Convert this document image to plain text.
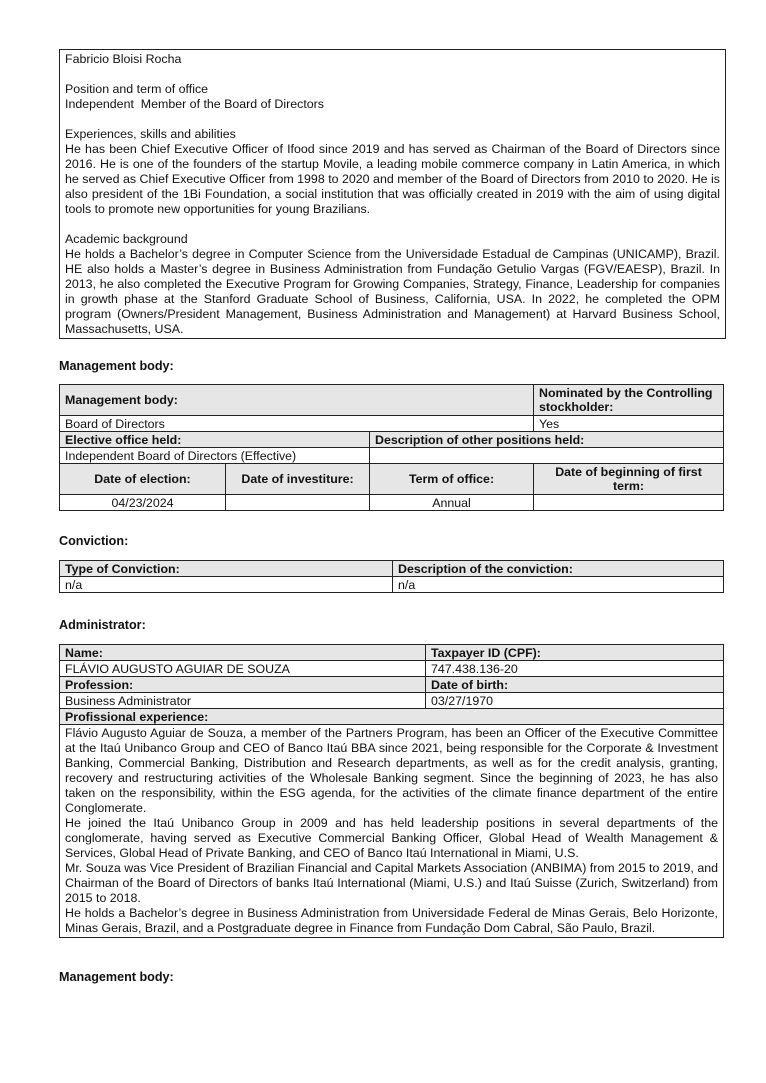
Fabricio Bloisi Rocha

Position and term of office

Independent  Member of the Board of Directors

Experiences, skills and abilities

He has been Chief Executive Officer of Ifood since 2019 and has served as Chairman of the Board of Directors since 2016. He is one of the founders of the startup Movile, a leading mobile commerce company in Latin America, in which he served as Chief Executive Officer from 1998 to 2020 and member of the Board of Directors from 2010 to 2020. He is also president of the 1Bi Foundation, a social institution that was officially created in 2019 with the aim of using digital tools to promote new opportunities for young Brazilians.

Academic background

He holds a Bachelor’s degree in Computer Science from the Universidade Estadual de Campinas (UNICAMP), Brazil. HE also holds a Master’s degree in Business Administration from Fundação Getulio Vargas (FGV/EAESP), Brazil. In 2013, he also completed the Executive Program for Growing Companies, Strategy, Finance, Leadership for companies in growth phase at the Stanford Graduate School of Business, California, USA. In 2022, he completed the OPM program (Owners/President Management, Business Administration and Management) at Harvard Business School, Massachusetts, USA.

Management body:
Management body:			Nominated by the Controlling stockholder:
Board of Directors			Yes
Elective office held:		Description of other positions held:	
Independent Board of Directors (Effective)			
Date of election:	Date of investiture:	Term of office:	Date of beginning of first term:
04/23/2024		Annual	
Conviction:
Type of Conviction:	Description of the conviction:
n/a	n/a
Administrator:
Name:	Taxpayer ID (CPF):
FLÁVIO AUGUSTO AGUIAR DE SOUZA	747.438.136-20
Profession:	Date of birth:
Business Administrator	03/27/1970
Profissional experience:	

Flávio Augusto Aguiar de Souza, a member of the Partners Program, has been an Officer of the Executive Committee at the Itaú Unibanco Group and CEO of Banco Itaú BBA since 2021, being responsible for the Corporate & Investment Banking, Commercial Banking, Distribution and Research departments, as well as for the credit analysis, granting, recovery and restructuring activities of the Wholesale Banking segment. Since the beginning of 2023, he has also taken on the responsibility, within the ESG agenda, for the activities of the climate finance department of the entire Conglomerate.

He joined the Itaú Unibanco Group in 2009 and has held leadership positions in several departments of the conglomerate, having served as Executive Commercial Banking Officer, Global Head of Wealth Management & Services, Global Head of Private Banking, and CEO of Banco Itaú International in Miami, U.S.

Mr. Souza was Vice President of Brazilian Financial and Capital Markets Association (ANBIMA) from 2015 to 2019, and Chairman of the Board of Directors of banks Itaú International (Miami, U.S.) and Itaú Suisse (Zurich, Switzerland) from 2015 to 2018.

He holds a Bachelor’s degree in Business Administration from Universidade Federal de Minas Gerais, Belo Horizonte, Minas Gerais, Brazil, and a Postgraduate degree in Finance from Fundação Dom Cabral, São Paulo, Brazil.	

Management body:
